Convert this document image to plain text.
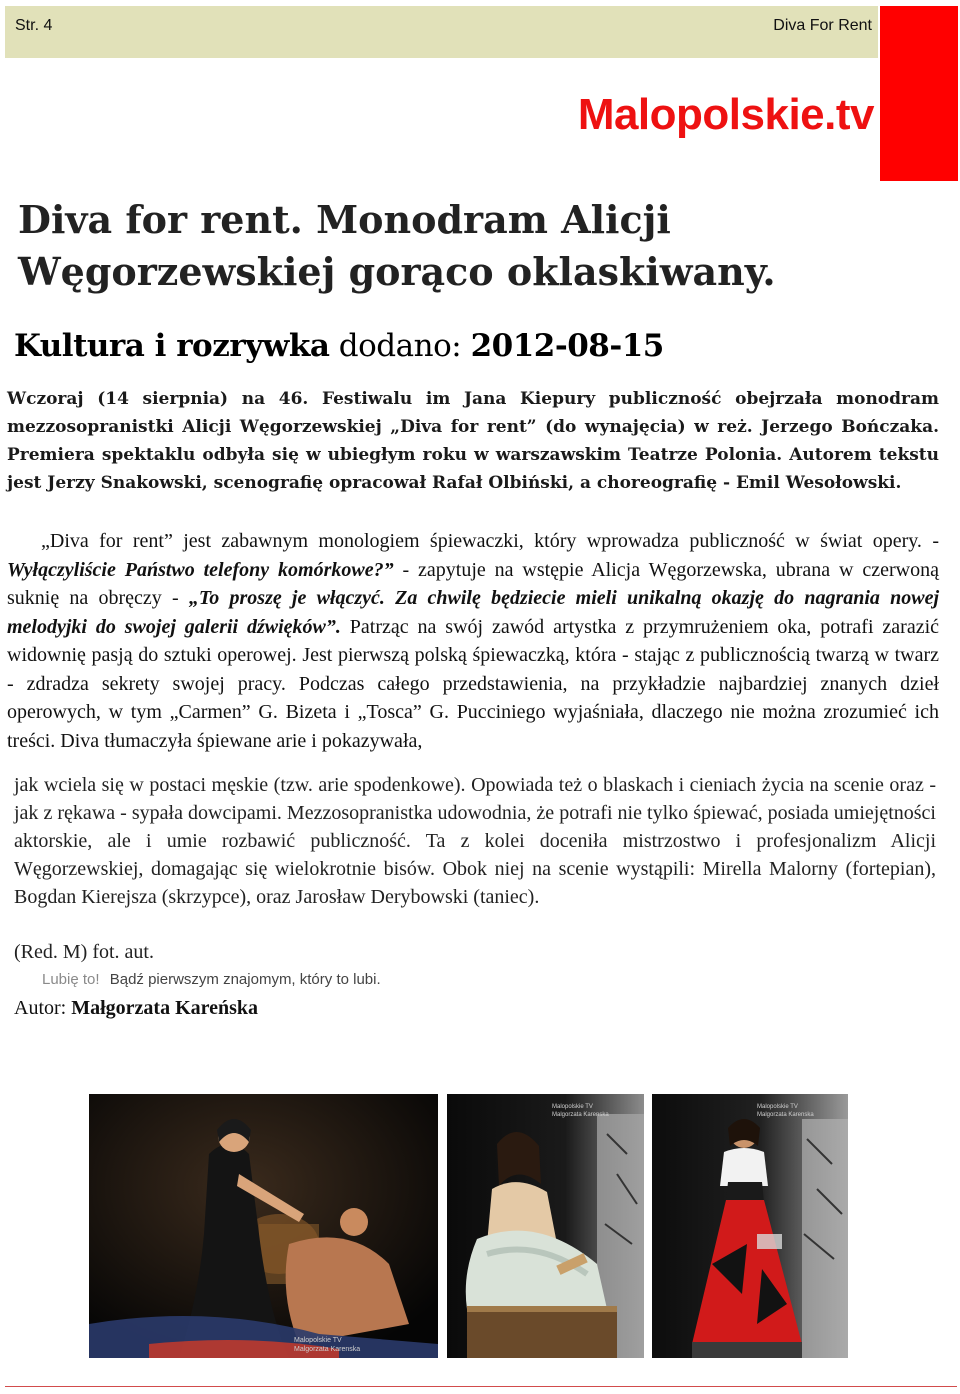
Str. 4	Diva For Rent
Malopolskie.tv
Diva for rent. Monodram Alicji Węgorzewskiej gorąco oklaskiwany.
Kultura i rozrywka dodano: 2012-08-15

Wczoraj (14 sierpnia) na 46. Festiwalu im Jana Kiepury publiczność obejrzała monodram mezzosopranistki Alicji Węgorzewskiej „Diva for rent” (do wynajęcia) w reż. Jerzego Bończaka. Premiera spektaklu odbyła się w ubiegłym roku w warszawskim Teatrze Polonia. Autorem tekstu jest Jerzy Snakowski, scenografię opracował Rafał Olbiński, a choreografię - Emil Wesołowski.

„Diva for rent” jest zabawnym monologiem śpiewaczki, który wprowadza publiczność w świat opery. - Wyłączyliście Państwo telefony komórkowe?” - zapytuje na wstępie Alicja Węgorzewska, ubrana w czerwoną suknię na obręczy - „To proszę je włączyć. Za chwilę będziecie mieli unikalną okazję do nagrania nowej melodyjki do swojej galerii dźwięków”. Patrząc na swój zawód artystka z przymrużeniem oka, potrafi zarazić widownię pasją do sztuki operowej. Jest pierwszą polską śpiewaczką, która - stając z publicznością twarzą w twarz - zdradza sekrety swojej pracy. Podczas całego przedstawienia, na przykładzie najbardziej znanych dzieł operowych, w tym „Carmen” G. Bizeta i „Tosca” G. Pucciniego wyjaśniała, dlaczego nie można zrozumieć ich treści. Diva tłumaczyła śpiewane arie i pokazywała,

jak wciela się w postaci męskie (tzw. arie spodenkowe). Opowiada też o blaskach i cieniach życia na scenie oraz - jak z rękawa - sypała dowcipami. Mezzosopranistka udowodnia, że potrafi nie tylko śpiewać, posiada umiejętności aktorskie, ale i umie rozbawić publiczność. Ta z kolei doceniła mistrzostwo i profesjonalizm Alicji Węgorzewskiej, domagając się wielokrotnie bisów. Obok niej na scenie wystąpili: Mirella Malorny (fortepian), Bogdan Kierejsza (skrzypce), oraz Jarosław Derybowski (taniec).

(Red. M) fot. aut.
Lubię to! Bądź pierwszym znajomym, który to lubi.
Autor: Małgorzata Kareńska
Malopolskie TV
Malgorzata Karenska
Malopolskie TV
Malgorzata Karenska
Malopolskie TV
Malgorzata Karenska
